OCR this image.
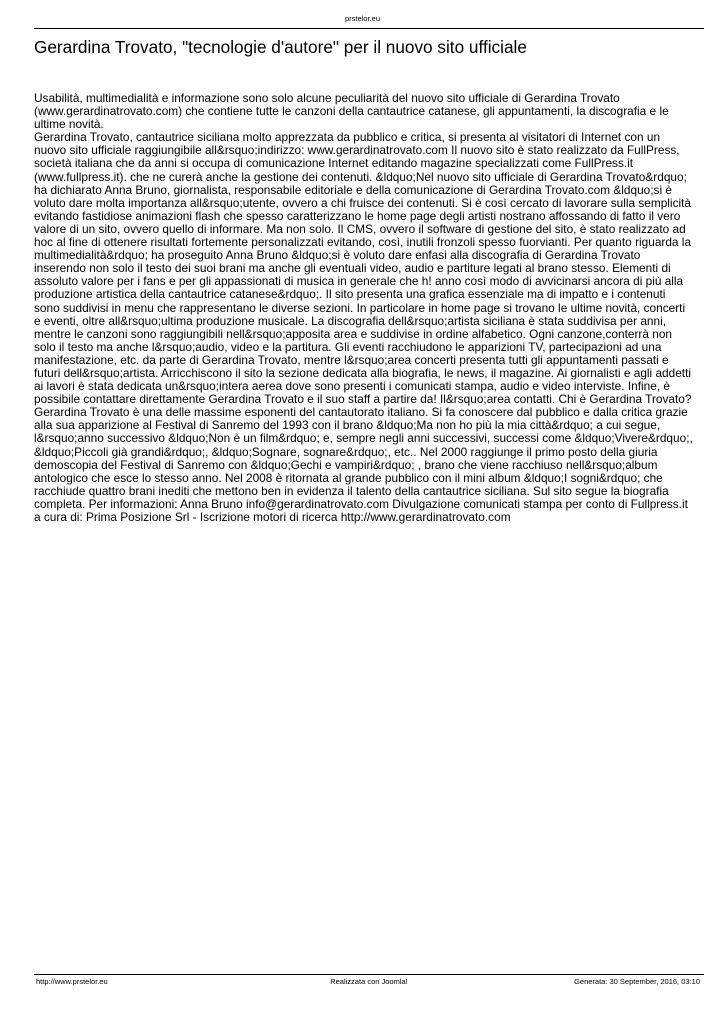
prstelor.eu
Gerardina Trovato, "tecnologie d'autore" per il nuovo sito ufficiale

Usabilità, multimedialità e informazione sono solo alcune peculiarità del nuovo sito ufficiale di Gerardina Trovato (www.gerardinatrovato.com) che contiene tutte le canzoni della cantautrice catanese, gli appuntamenti, la discografia e le ultime novità.

Gerardina Trovato, cantautrice siciliana molto apprezzata da pubblico e critica, si presenta al visitatori di Internet con un nuovo sito ufficiale raggiungibile all&rsquo;indirizzo: www.gerardinatrovato.com Il nuovo sito è stato realizzato da FullPress, società italiana che da anni si occupa di comunicazione Internet editando magazine specializzati come FullPress.it (www.fullpress.it). che ne curerà anche la gestione dei contenuti. &ldquo;Nel nuovo sito ufficiale di Gerardina Trovato&rdquo; ha dichiarato Anna Bruno, giornalista, responsabile editoriale e della comunicazione di Gerardina Trovato.com &ldquo;si è voluto dare molta importanza all&rsquo;utente, ovvero a chi fruisce dei contenuti. Si è così cercato di lavorare sulla semplicità evitando fastidiose animazioni flash che spesso caratterizzano le home page degli artisti nostrano affossando di fatto il vero valore di un sito, ovvero quello di informare. Ma non solo. Il CMS, ovvero il software di gestione del sito, è stato realizzato ad hoc al fine di ottenere risultati fortemente personalizzati evitando, così, inutili fronzoli spesso fuorvianti. Per quanto riguarda la multimedialità&rdquo; ha proseguito Anna Bruno &ldquo;si è voluto dare enfasi alla discografia di Gerardina Trovato inserendo non solo il testo dei suoi brani ma anche gli eventuali video, audio e partiture legati al brano stesso. Elementi di assoluto valore per i fans e per gli appassionati di musica in generale che h! anno così modo di avvicinarsi ancora di più alla produzione artistica della cantautrice catanese&rdquo;. Il sito presenta una grafica essenziale ma di impatto e i contenuti sono suddivisi in menu che rappresentano le diverse sezioni. In particolare in home page si trovano le ultime novità, concerti e eventi, oltre all&rsquo;ultima produzione musicale. La discografia dell&rsquo;artista siciliana è stata suddivisa per anni, mentre le canzoni sono raggiungibili nell&rsquo;apposita area e suddivise in ordine alfabetico. Ogni canzone,conterrà non solo il testo ma anche l&rsquo;audio, video e la partitura. Gli eventi racchiudono le apparizioni TV, partecipazioni ad una manifestazione, etc. da parte di Gerardina Trovato, mentre l&rsquo;area concerti presenta tutti gli appuntamenti passati e futuri dell&rsquo;artista. Arricchiscono il sito la sezione dedicata alla biografia, le news, il magazine. Ai giornalisti e agli addetti ai lavori è stata dedicata un&rsquo;intera aerea dove sono presenti i comunicati stampa, audio e video interviste. Infine, è possibile contattare direttamente Gerardina Trovato e il suo staff a partire da! Il&rsquo;area contatti. Chi è Gerardina Trovato? Gerardina Trovato è una delle massime esponenti del cantautorato italiano. Si fa conoscere dal pubblico e dalla critica grazie alla sua apparizione al Festival di Sanremo del 1993 con il brano &ldquo;Ma non ho più la mia città&rdquo; a cui segue, l&rsquo;anno successivo &ldquo;Non è un film&rdquo; e, sempre negli anni successivi, successi come &ldquo;Vivere&rdquo;, &ldquo;Piccoli già grandi&rdquo;, &ldquo;Sognare, sognare&rdquo;, etc.. Nel 2000 raggiunge il primo posto della giuria demoscopia del Festival di Sanremo con &ldquo;Gechi e vampiri&rdquo; , brano che viene racchiuso nell&rsquo;album antologico che esce lo stesso anno. Nel 2008 è ritornata al grande pubblico con il mini album &ldquo;I sogni&rdquo; che racchiude quattro brani inediti che mettono ben in evidenza il talento della cantautrice siciliana. Sul sito segue la biografia completa. Per informazioni: Anna Bruno info@gerardinatrovato.com Divulgazione comunicati stampa per conto di Fullpress.it a cura di: Prima Posizione Srl - Iscrizione motori di ricerca http://www.gerardinatrovato.com

http://www.prstelor.eu	Realizzata con Joomla!	Generata: 30 September, 2016, 03:10
